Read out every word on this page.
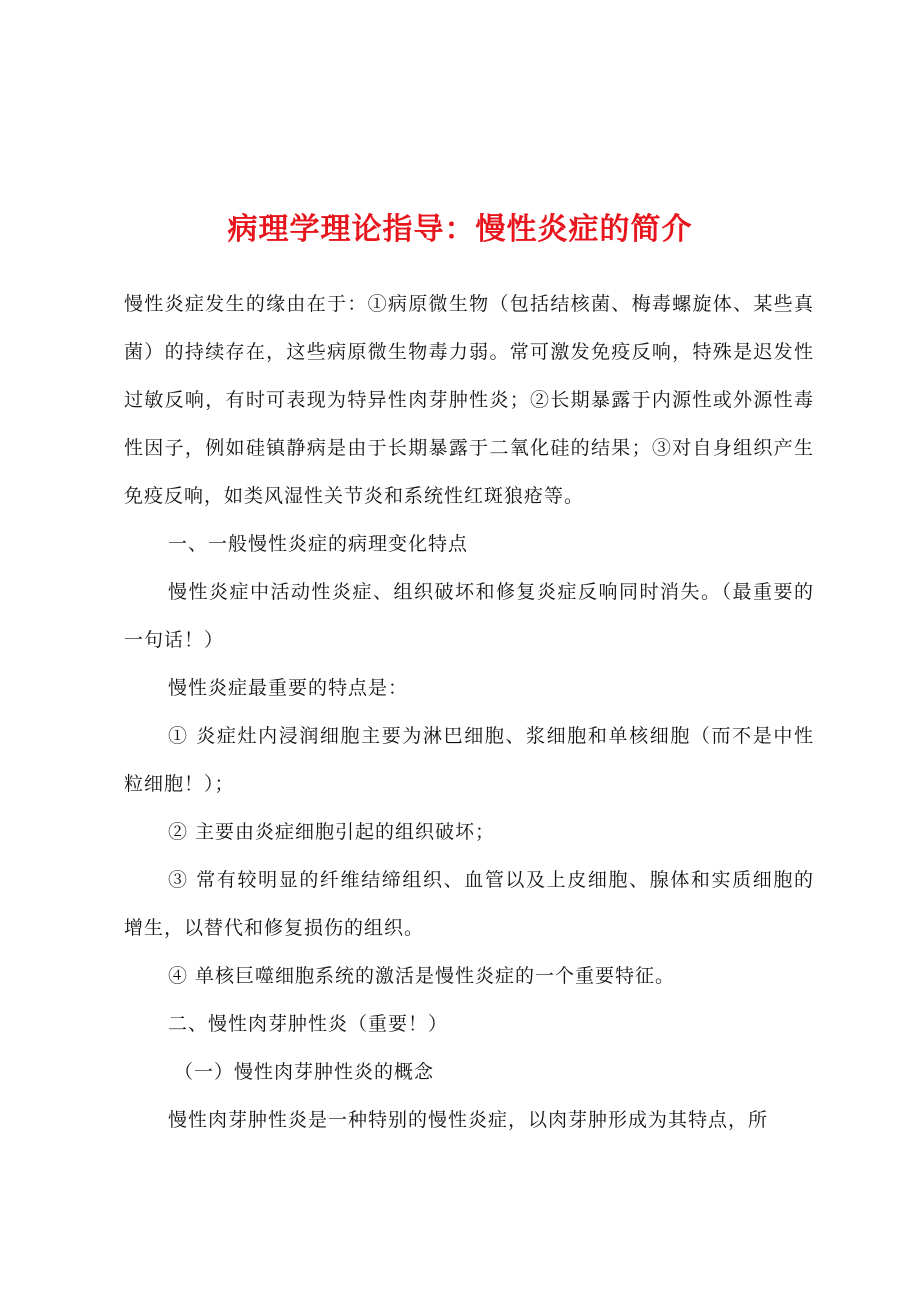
病理学理论指导：慢性炎症的简介

慢性炎症发生的缘由在于：①病原微生物（包括结核菌、梅毒螺旋体、某些真菌）的持续存在，这些病原微生物毒力弱。常可激发免疫反响，特殊是迟发性过敏反响，有时可表现为特异性肉芽肿性炎；②长期暴露于内源性或外源性毒性因子，例如硅镇静病是由于长期暴露于二氧化硅的结果；③对自身组织产生免疫反响，如类风湿性关节炎和系统性红斑狼疮等。

一、一般慢性炎症的病理变化特点

慢性炎症中活动性炎症、组织破坏和修复炎症反响同时消失。（最重要的一句话！）

慢性炎症最重要的特点是：

① 炎症灶内浸润细胞主要为淋巴细胞、浆细胞和单核细胞（而不是中性粒细胞！）；

② 主要由炎症细胞引起的组织破坏；

③ 常有较明显的纤维结缔组织、血管以及上皮细胞、腺体和实质细胞的增生，以替代和修复损伤的组织。

④ 单核巨噬细胞系统的激活是慢性炎症的一个重要特征。

二、慢性肉芽肿性炎（重要！）

（一）慢性肉芽肿性炎的概念

慢性肉芽肿性炎是一种特别的慢性炎症，以肉芽肿形成为其特点，所
